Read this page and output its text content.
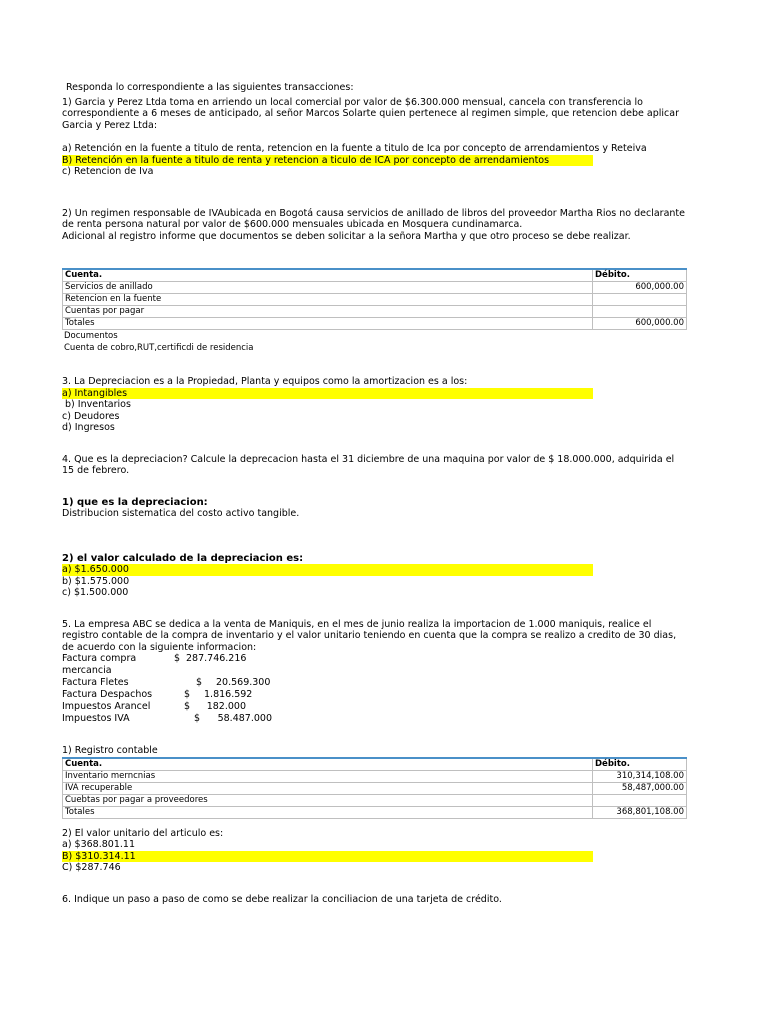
Responda lo correspondiente a las siguientes transacciones:

1) Garcia y Perez Ltda toma en arriendo un local comercial por valor de $6.300.000 mensual, cancela con transferencia lo correspondiente a 6 meses de anticipado, al señor Marcos Solarte quien pertenece al regimen simple, que retencion debe aplicar Garcia y Perez Ltda:

a) Retención en la fuente a titulo de renta, retencion en la fuente a titulo de Ica por concepto de arrendamientos y Reteiva

B) Retención en la fuente a titulo de renta y retencion a ticulo de ICA por concepto de arrendamientos

c) Retencion de Iva

2) Un regimen responsable de IVAubicada en Bogotá causa servicios de anillado de libros del proveedor Martha Rios no declarante de renta persona natural por valor de $600.000 mensuales ubicada en Mosquera cundinamarca.

Adicional al registro informe que documentos se deben solicitar a la señora Martha y que otro proceso se debe realizar.

Cuenta.	Débito.
Servicios de anillado	600,000.00
Retencion en la fuente	
Cuentas por pagar	
Totales	600,000.00

Documentos

Cuenta de cobro,RUT,certificdi de residencia

3. La Depreciacion es a la Propiedad, Planta y equipos como la amortizacion es a los:

a) Intangibles

b) Inventarios

c) Deudores

d) Ingresos

4. Que es la depreciacion? Calcule la deprecacion hasta el 31 diciembre de una maquina por valor de $ 18.000.000, adquirida el 15 de febrero.

1) que es la depreciacion:

Distribucion sistematica del costo activo tangible.

2) el valor calculado de la depreciacion es:

a) $1.650.000

b) $1.575.000

c) $1.500.000

5. La empresa ABC se dedica a la venta de Maniquis, en el mes de junio realiza la importacion de 1.000 maniquis, realice el registro contable de la compra de inventario y el valor unitario teniendo en cuenta que la compra se realizo a credito de 30 dias, de acuerdo con la siguiente informacion:

Factura compra mercancia
$ 287.746.216
Factura Fletes	$	20.569.300
Factura Despachos	$	1.816.592
Impuestos Arancel	$	182.000
Impuestos IVA	$	58.487.000

1) Registro contable

Cuenta.	Débito.
Inventario merncnias	310,314,108.00
IVA recuperable	58,487,000.00
Cuebtas por pagar a proveedores	
Totales	368,801,108.00

2) El valor unitario del articulo es:

a) $368.801.11

B) $310.314.11

C) $287.746

6. Indique un paso a paso de como se debe realizar la conciliacion de una tarjeta de crédito.
